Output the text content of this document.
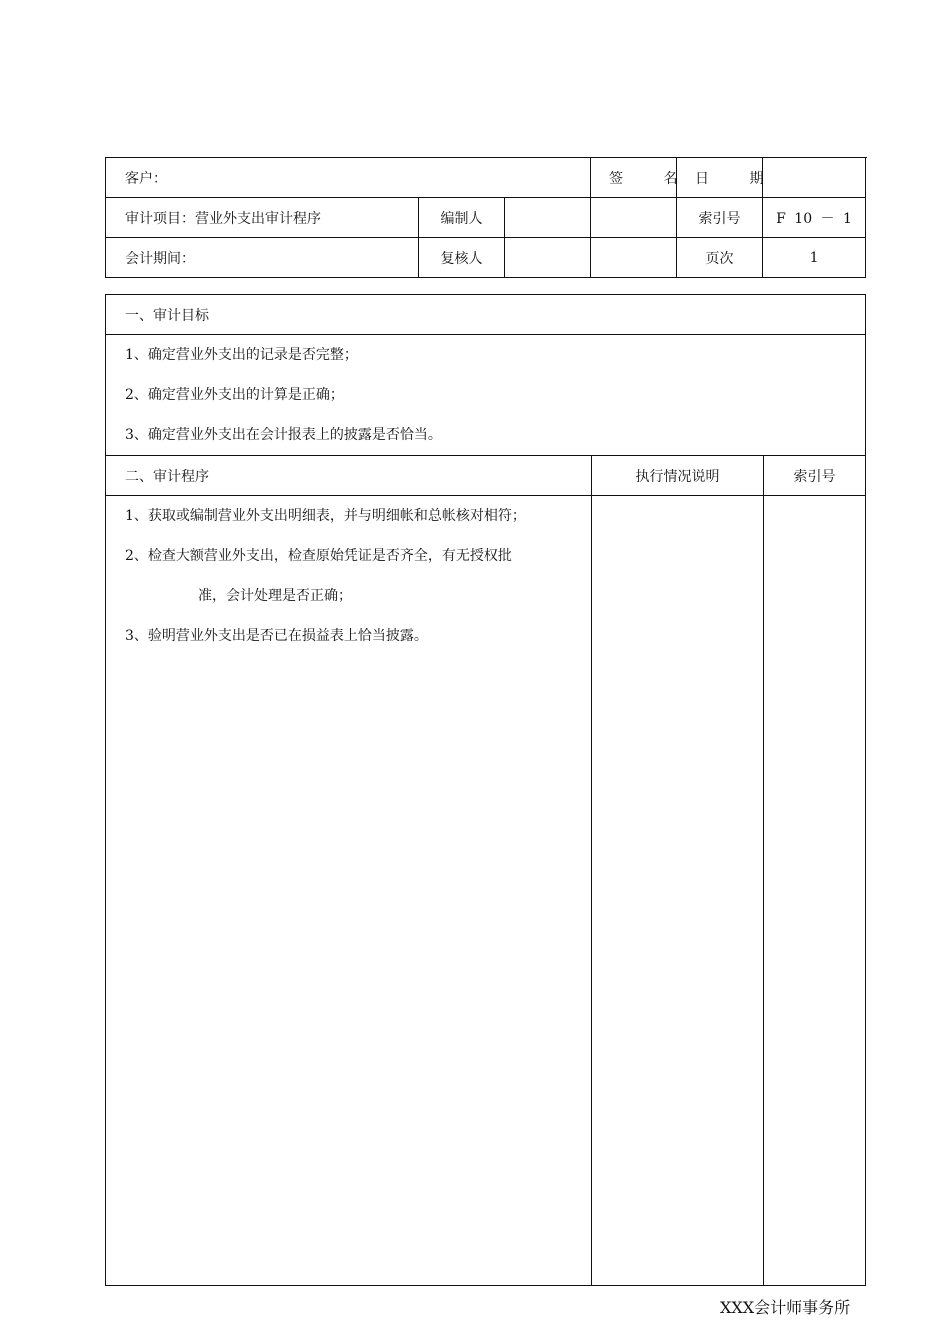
客户：			签 名	日 期	
审计项目：营业外支出审计程序	编制人			索引号	F 10 － 1
会计期间：	复核人			页次	1
一、审计目标		

1、确定营业外支出的记录是否完整；
2、确定营业外支出的计算是正确；
3、确定营业外支出在会计报表上的披露是否恰当。		

二、审计程序	执行情况说明	索引号

1、获取或编制营业外支出明细表，并与明细帐和总帐核对相符；
2、检查大额营业外支出，检查原始凭证是否齐全，有无授权批
准，会计处理是否正确；
3、验明营业外支出是否已在损益表上恰当披露。		

XXX会计师事务所
